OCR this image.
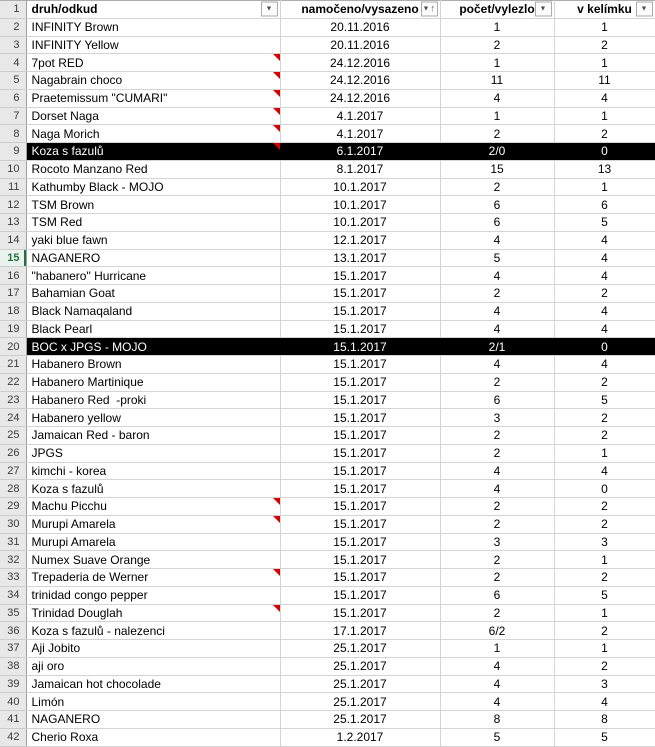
1	druh/odkud ▼	namočeno/vysazeno ▼ ↑	počet/vylezlo ▼	v kelímku ▼

2	INFINITY Brown	20.11.2016	1	1
3	INFINITY Yellow	20.11.2016	2	2
4	7pot RED	24.12.2016	1	1
5	Nagabrain choco	24.12.2016	11	11
6	Praetemissum "CUMARI"	24.12.2016	4	4
7	Dorset Naga	4.1.2017	1	1
8	Naga Morich	4.1.2017	2	2
9	Koza s fazulů	6.1.2017	2/0	0
10	Rocoto Manzano Red	8.1.2017	15	13
11	Kathumby Black - MOJO	10.1.2017	2	1
12	TSM Brown	10.1.2017	6	6
13	TSM Red	10.1.2017	6	5
14	yaki blue fawn	12.1.2017	4	4
15	NAGANERO	13.1.2017	5	4
16	"habanero" Hurricane	15.1.2017	4	4
17	Bahamian Goat	15.1.2017	2	2
18	Black Namaqaland	15.1.2017	4	4
19	Black Pearl	15.1.2017	4	4
20	BOC x JPGS - MOJO	15.1.2017	2/1	0
21	Habanero Brown	15.1.2017	4	4
22	Habanero Martinique	15.1.2017	2	2
23	Habanero Red  -proki	15.1.2017	6	5
24	Habanero yellow	15.1.2017	3	2
25	Jamaican Red - baron	15.1.2017	2	2
26	JPGS	15.1.2017	2	1
27	kimchi - korea	15.1.2017	4	4
28	Koza s fazulů	15.1.2017	4	0
29	Machu Picchu	15.1.2017	2	2
30	Murupi Amarela	15.1.2017	2	2
31	Murupi Amarela	15.1.2017	3	3
32	Numex Suave Orange	15.1.2017	2	1
33	Trepaderia de Werner	15.1.2017	2	2
34	trinidad congo pepper	15.1.2017	6	5
35	Trinidad Douglah	15.1.2017	2	1
36	Koza s fazulů - nalezenci	17.1.2017	6/2	2
37	Aji Jobito	25.1.2017	1	1
38	aji oro	25.1.2017	4	2
39	Jamaican hot chocolade	25.1.2017	4	3
40	Limón	25.1.2017	4	4
41	NAGANERO	25.1.2017	8	8
42	Cherio Roxa	1.2.2017	5	5
